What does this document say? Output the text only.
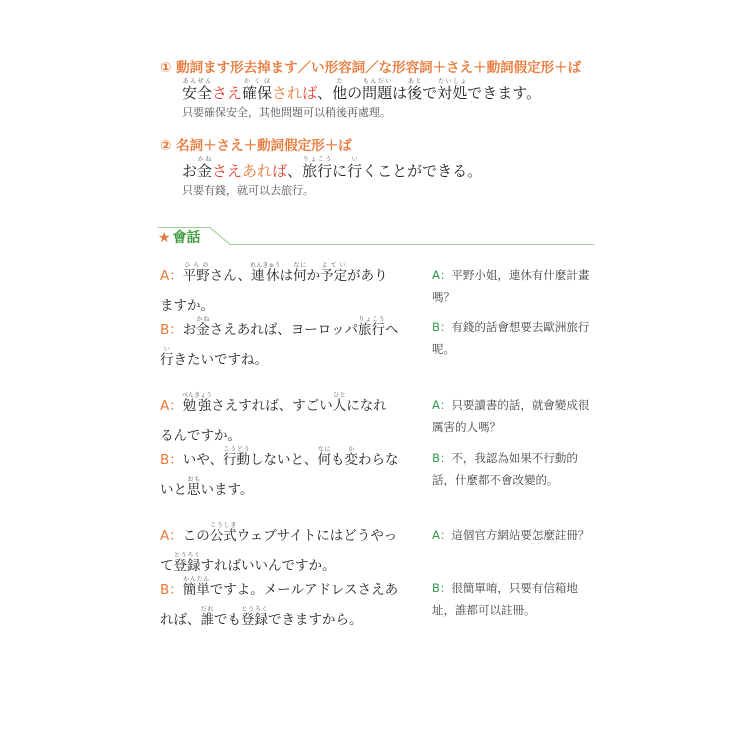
① 動詞ます形去掉ます／い形容詞／な形容詞＋さえ＋動詞假定形＋ば
安全あんぜんさえ確保かくほされば、他たの問題もんだいは後あとで対処たいしょできます。
只要確保安全，其他問題可以稍後再處理。
② 名詞＋さえ＋動詞假定形＋ば
お金かねさえあれば、旅行りょこうに行いくことができる。
只要有錢，就可以去旅行。
★ 會話
A：平野ひらのさん、連休れんきゅうは何なにか予定よていがありますか。
A：平野小姐，連休有什麼計畫嗎？
B：お金かねさえあれば、ヨーロッパ旅行りょこうへ行いきたいですね。
B：有錢的話會想要去歐洲旅行呢。
A：勉強べんきょうさえすれば、すごい人ひとになれるんですか。
A：只要讀書的話，就會變成很厲害的人嗎？
B：いや、行動こうどうしないと、何なにも変かわらないと思おもいます。
B：不，我認為如果不行動的話，什麼都不會改變的。
A：この公式こうしきウェブサイトにはどうやって登録とうろくすればいいんですか。
A：這個官方網站要怎麼註冊？
B：簡単かんたんですよ。メールアドレスさえあれば、誰だれでも登録とうろくできますから。
B：很簡單唷，只要有信箱地址，誰都可以註冊。
